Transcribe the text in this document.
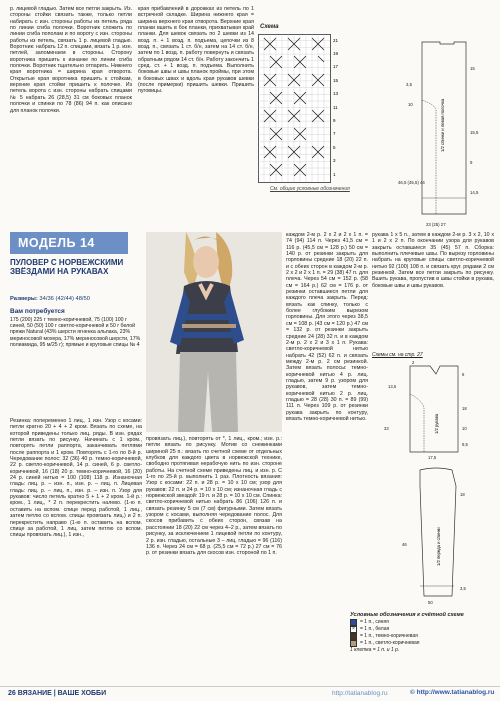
р. лицевой гладью. Затем все петли закрыть. Из. стороны стойки связать также, только петли набирать с изн. стороны работы из петель ряда по линии сгиба полочки. Воротник сложить по линии сгиба пополам и по вороту с изн. стороны работы из петель, связать 1 р. лицевой гладью. Воротник: набрать 12 п. спицами, вязать 1 р. изн. петлей, запоминаем в стороны. Сторону воротника пришить к изнанке по линии сгиба полочки. Воротник тщательно отпарить. Нижнего края воротника = ширина края отворота. Открытые края воротника пришить к стойкам, верхние края стойки пришить к полочке. Из петель ворота с изн. стороны набрать спицами № 5 набрать 26 (28,5) 31 см боковых планок полочки и спинки по 78 (86) 94 п. как описано для планок полочки.

края прибавлений в дорожках из петель по 1 встречной складке. Ширина нижнего края = ширина верхнего края отворота. Верхние края планки вшить в бок планки, прихватывая край планки. Для шевок связать по 2 шевки из 14 возд. п. + 1 возд. п. подъема, цепочки из 8 возд. п., связать 1 ст. б/н, затем на 14 ст. б/н, затем по 1 возд. п. работу повернуть и связать обратным рядом 14 ст. б/н. Работу закончить 1 сред. ст. + 1 возд. п. подъема. Выполнить боковые швы и швы планок проймы, при этом в боковых швах и вдоль края рукавов шевки (после примерки) пришить шевки. Пришить пуговицы.

Схема
21
19
17
15
13
11
9
7
5
3
1
См. общие условные обозначения
3,5
10
15
46,5 (45,5) 44
15,5
9
14,5
23 (25) 27
1/2 спинки и левая полочка
МОДЕЛЬ 14
ПУЛОВЕР С НОРВЕЖСКИМИ ЗВЁЗДАМИ НА РУКАВАХ
Размеры: 34/36 (42/44) 48/50
Вам потребуется
175 (200) 225 г темно-коричневой, 75 (100) 100 г синей, 50 (50) 100 г светло-коричневой и 50 г белой пряжи Natural (43% шерсти ягненка альпака, 23% мериносовой мохера, 17% мериносовой шерсти, 17% полиамида, 95 м/25 г); прямые и круговые спицы № 4

Резинка: попеременно 1 лиц., 1 изн. Узор с косами: петли кратно 20 + 4 + 2 кром. Вязать по схеме, на которой приведены только лиц. ряды. В изн. рядах петли вязать по рисунку. Начинать с 1 кром., повторять петли раппорта, заканчивать петлями после раппорта и 1 кром. Повторять с 1-го по 8-й р. Чередование полос: 32 (36) 40 р. темно-коричневой, 22 р. светло-коричневой, 14 р. синей, 6 р. светло-коричневой, 16 (18) 20 р. темно-коричневой, 16 (20) 24 р. синей нитью = 100 (108) 118 р. Изнаночная гладь: лиц. р. – изн. п., изн. р. – лиц. п. Лицевая гладь: лиц. р. – лиц. п., изн. р. – изн. п. Узор для рукавов: число петель кратно 5 + 1 + 2 кром. 1-й р.: кром., 1 лиц., * 2 п. перекрестить налево. (1-ю п. оставить на вспом. спице перед работой, 1 лиц., затем петлю со вспом. спицы провязать лиц.) и 2 п. перекрестить направо (1-ю п. оставить на вспом. спице за работой, 1 лиц. затем петлю со вспом. спицы провязать лиц.), 1 изн.,

провязать лиц.), повторять от *, 1 лиц., кром.; изн. р.: петли вязать по рисунку. Мотив со снежинками шириной 25 п.: вязать по счетной схеме от отдельных клубков для каждого цвета в норвежской технике, свободно протягивая нерабочую нить по изн. стороне работы. На счетной схеме приведены лиц. и изн. р. С 1-го по 25-й р. выполнить 1 раз. Плотность вязания: Узор с косами: 22 п. и 28 р. = 10 х 10 см; узор для рукавов: 22 п. и 24 р. = 10 х 10 см; изнаночная гладь с норвежской звездой: 19 п. и 28 р. = 10 х 10 см. Спинка: светло-коричневой нитью набрать 86 (106) 126 п. и связать резинку 5 см (7 см) фигурными. Затем вязать узором с косами, выполняя чередование полос. Для скосов прибавить с обеих сторон, связав на расстоянии 18 (20) 22 см через 4–2 р., затем вязать по рисунку, за исключением 1 лицевой петли по контуру, 2 р. изн. гладью, остальные 3 – лиц. гладью = 96 (116) 136 п. Через 24 см = 68 р. (25,5 см = 72 р.) 27 см = 76 р. от резинки вязать для скосов изн. стороной по 1 п.

каждом 2-м р. 2 х 2 и 2 х 1 п. = 74 (94) 114 п. Через 41,5 см = 116 р. (45,5 см = 128 р.) 50 см = 140 р. от резинки закрыть для горловины средние 18 (20) 22 п. и с обеих сторон в каждом 2-м р. 2 х 2 и 2 х 1 п. = 29 (38) 47 п. для плеча. Через 54 см = 152 р. (58 см = 164 р.) 62 см = 176 р. от резинки оставшиеся петли для каждого плеча закрыть. Перед: вязать как спинку, только с более глубоким вырезом горловины. Для этого через 38,5 см = 108 р. (43 см = 120 р.) 47 см = 132 р. от резинки закрыть средние 24 (28) 32 п. и в каждом 2-м р. 2 х 2 и 3 х 1 п. Рукава: светло-коричневой нитью набрать 42 (52) 62 п. и связать между 2-м р. 2 см резинкой. Затем вязать полосы: темно-коричневой нитью 4 р. лиц. гладью, затем 9 р. узором для рукавов, затем темно-коричневой нитью 2 р. лиц. гладью = 28 (28) 30 п. = 89 (99) 111 п. Через 109 р. от резинки рукава закрыть по контуру, вязать темно-коричневой нитью.

рукава 1 х 5 п., затем в каждом 2-м р. 3 х 2, 10 х 1 и 2 х 2 п. По окончании узора для рукавов закрыть оставшиеся 35 (45) 57 п. Сборка: выполнить плечевые швы. По вырезу горловины набрать на круговые спицы светло-коричневой нитью 92 (100) 108 п. и связать круг. рядами 2 см резинкой. Затем все петли закрыть по рисунку. Вшить рукава, пропустив в швы стойки в рукава, боковые швы и швы рукавов.

Схемы см. на стр. 27
2
13,5
6
33
18
10
9,5
17,5
1/2 рукава
50
3,5
18
46	1/2 переда и спинки
Условные обозначения к счётной схеме
= 1 п., синяя
×	= 1 п., белая
= 1 п., темно-коричневая
= 1 п., светло-коричневая
1 клетка = 1 п. и 1 р.
26 ВЯЗАНИЕ | ВАШЕ ХОББИ	http://tatianablog.ru	© http://www.tatianablog.ru
